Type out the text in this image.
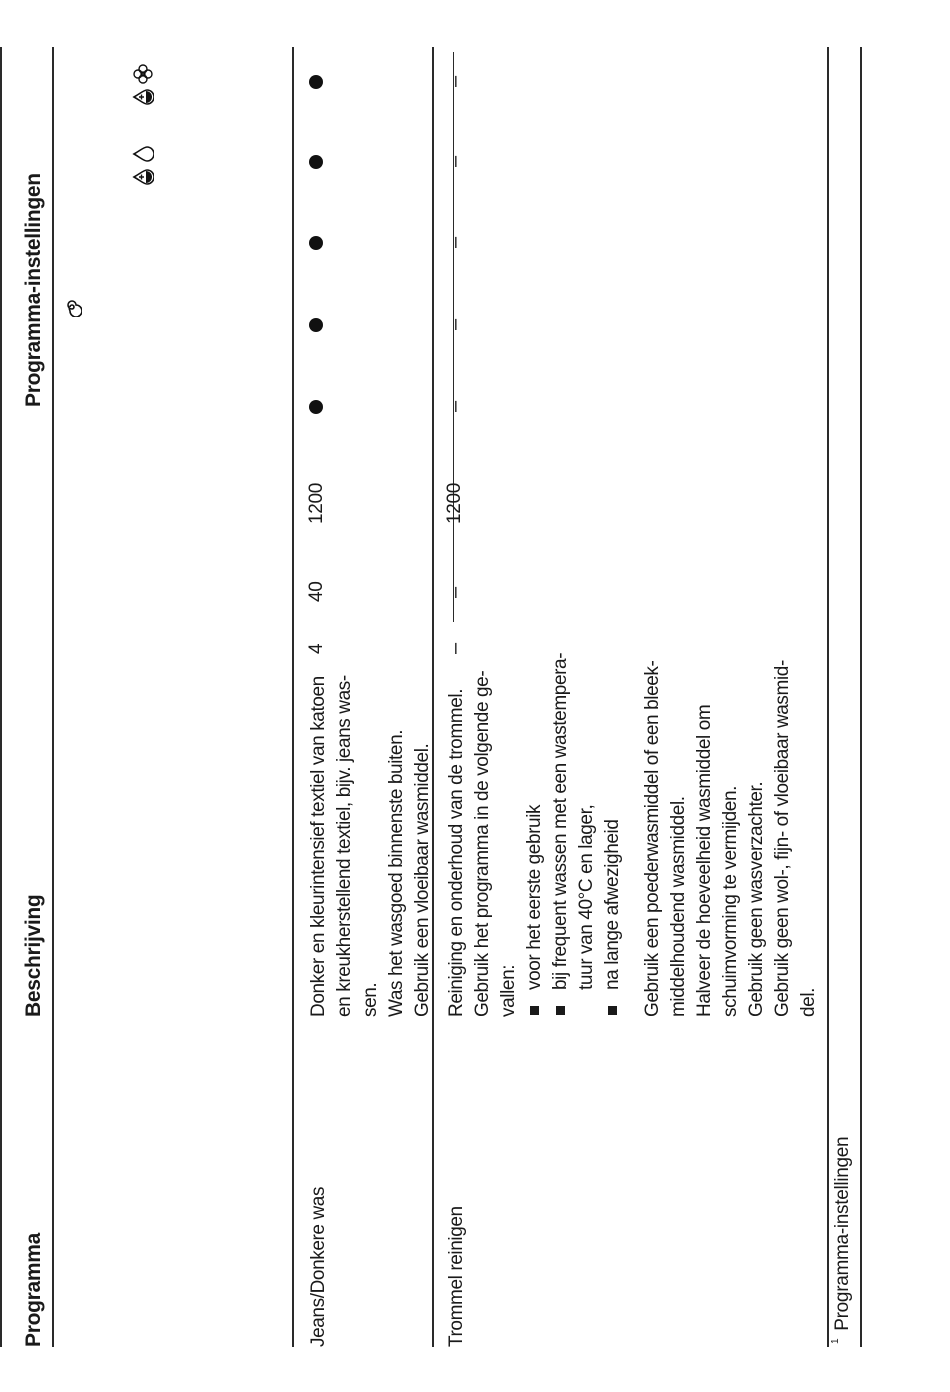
Programma
Beschrijving
Programma-instellingen
Jeans/Donkere was
Donker en kleurintensief textiel van katoen en kreukherstellend textiel, bijv. jeans was- sen. Was het wasgoed binnenste buiten. Gebruik een vloeibaar wasmiddel.
4
40
1200
Trommel reinigen
Reiniging en onderhoud van de trommel. Gebruik het programma in de volgende ge- vallen:
voor het eerste gebruik bij frequent wassen met een wastempera- tuur van 40°C en lager, na lange afwezigheid Gebruik een poederwasmiddel of een bleek- middelhoudend wasmiddel. Halveer de hoeveelheid wasmiddel om schuimvorming te vermijden. Gebruik geen wasverzachter. Gebruik geen wol-, fijn- of vloeibaar wasmid- del.
–
–
1200
–
–
–
–
–
$^1$Programma-instellingen
